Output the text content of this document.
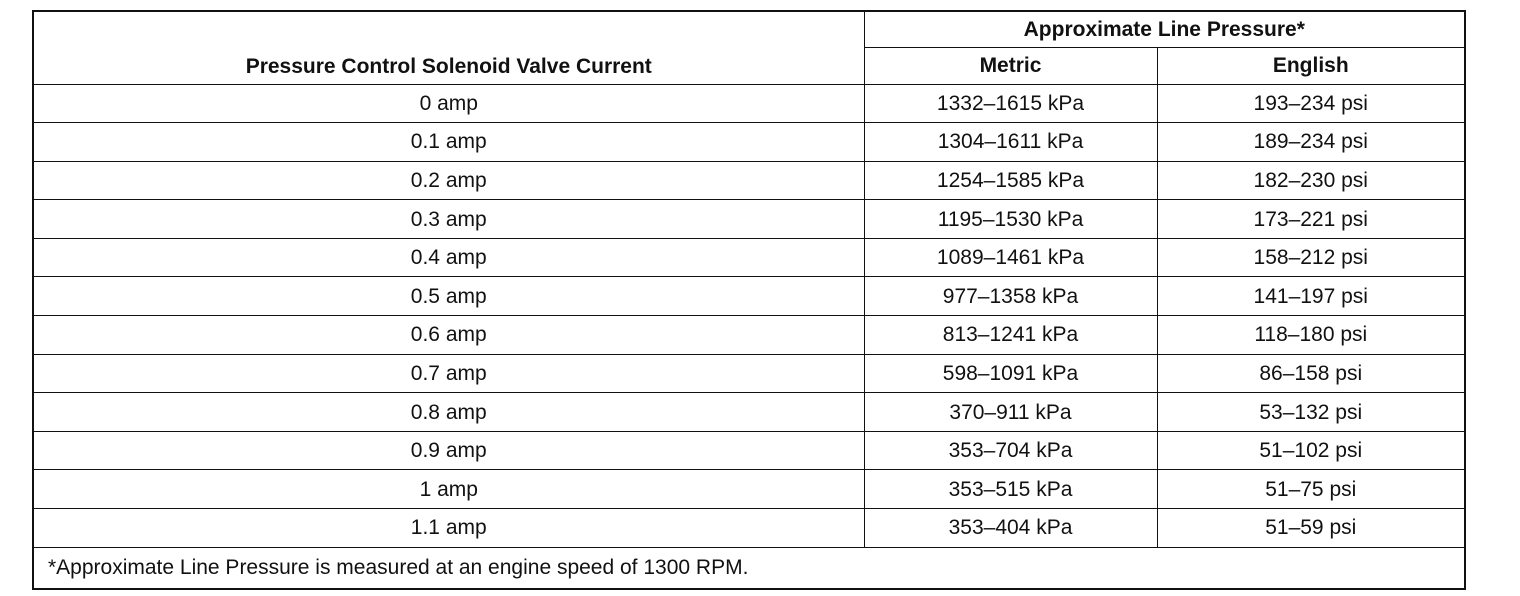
Pressure Control Solenoid Valve Current	Approximate Line Pressure*	
	Metric	English
0 amp	1332–1615 kPa	193–234 psi
0.1 amp	1304–1611 kPa	189–234 psi
0.2 amp	1254–1585 kPa	182–230 psi
0.3 amp	1195–1530 kPa	173–221 psi
0.4 amp	1089–1461 kPa	158–212 psi
0.5 amp	977–1358 kPa	141–197 psi
0.6 amp	813–1241 kPa	118–180 psi
0.7 amp	598–1091 kPa	86–158 psi
0.8 amp	370–911 kPa	53–132 psi
0.9 amp	353–704 kPa	51–102 psi
1 amp	353–515 kPa	51–75 psi
1.1 amp	353–404 kPa	51–59 psi
*Approximate Line Pressure is measured at an engine speed of 1300 RPM.		
